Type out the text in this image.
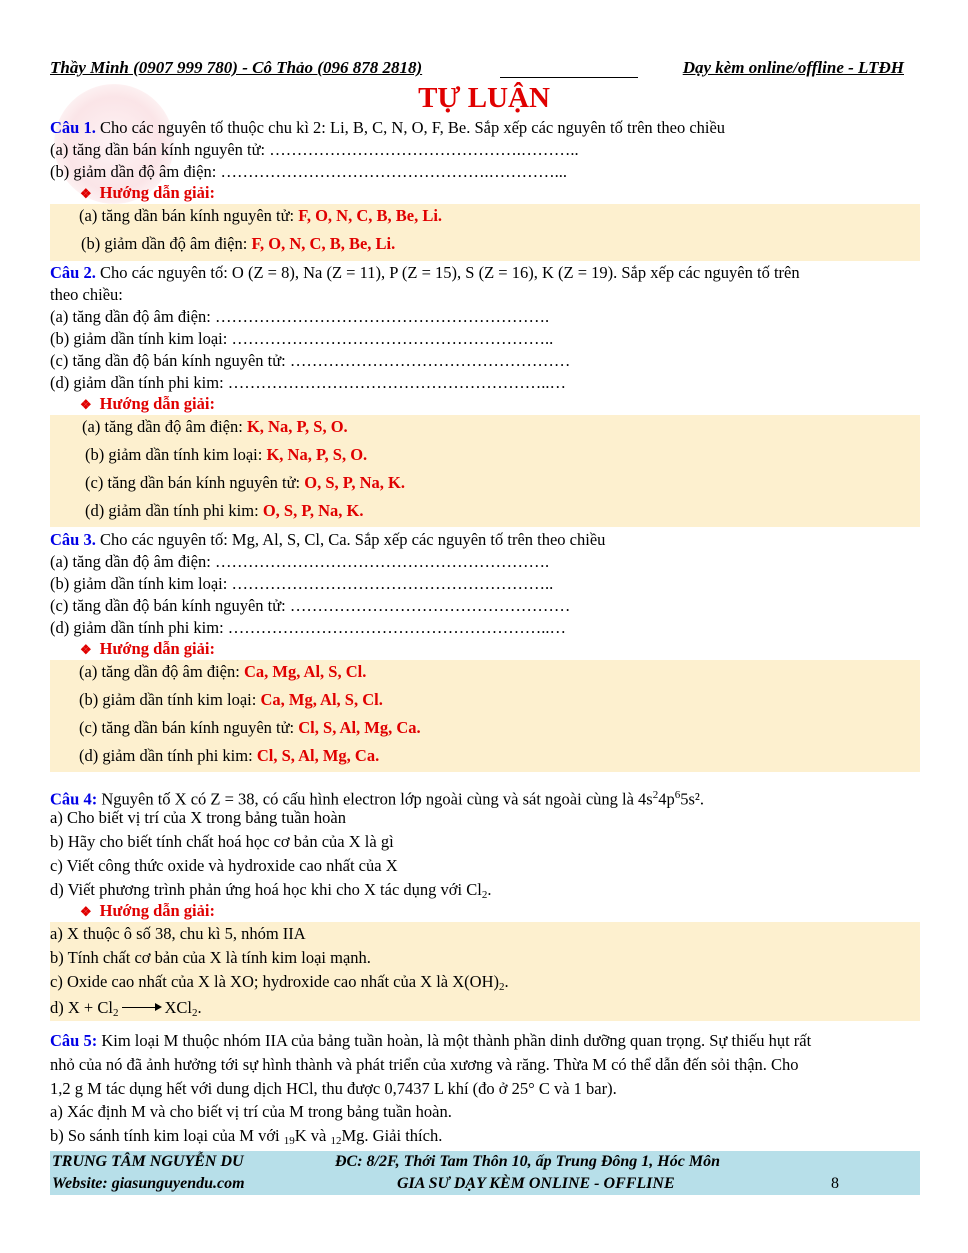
Thầy Minh (0907 999 780) - Cô Thảo (096 878 2818)	Dạy kèm online/offline - LTĐH
TỰ LUẬN
Câu 1. Cho các nguyên tố thuộc chu kì 2: Li, B, C, N, O, F, Be. Sắp xếp các nguyên tố trên theo chiều
(a) tăng dần bán kính nguyên tử: ……………………………………….………..
(b) giảm dần độ âm điện: ………………………………………….…………...
❖ Hướng dẫn giải:
(a) tăng dần bán kính nguyên tử: F, O, N, C, B, Be, Li.
(b) giảm dần độ âm điện: F, O, N, C, B, Be, Li.
Câu 2. Cho các nguyên tố: O (Z = 8), Na (Z = 11), P (Z = 15), S (Z = 16), K (Z = 19). Sắp xếp các nguyên tố trên
theo chiều:
(a) tăng dần độ âm điện: …………………………………………………….
(b) giảm dần tính kim loại: …………………………………………………..
(c) tăng dần độ bán kính nguyên tử: ……………………………………………
(d) giảm dần tính phi kim: …………………………………………………..…
❖ Hướng dẫn giải:
(a) tăng dần độ âm điện: K, Na, P, S, O.
(b) giảm dần tính kim loại: K, Na, P, S, O.
(c) tăng dần bán kính nguyên tử: O, S, P, Na, K.
(d) giảm dần tính phi kim: O, S, P, Na, K.
Câu 3. Cho các nguyên tố: Mg, Al, S, Cl, Ca. Sắp xếp các nguyên tố trên theo chiều
(a) tăng dần độ âm điện: …………………………………………………….
(b) giảm dần tính kim loại: …………………………………………………..
(c) tăng dần độ bán kính nguyên tử: ……………………………………………
(d) giảm dần tính phi kim: …………………………………………………..…
❖ Hướng dẫn giải:
(a) tăng dần độ âm điện: Ca, Mg, Al, S, Cl.
(b) giảm dần tính kim loại: Ca, Mg, Al, S, Cl.
(c) tăng dần bán kính nguyên tử: Cl, S, Al, Mg, Ca.
(d) giảm dần tính phi kim: Cl, S, Al, Mg, Ca.
Câu 4: Nguyên tố X có Z = 38, có cấu hình electron lớp ngoài cùng và sát ngoài cùng là $4s^24p^65s^2$.
a) Cho biết vị trí của X trong bảng tuần hoàn
b) Hãy cho biết tính chất hoá học cơ bản của X là gì
c) Viết công thức oxide và hydroxide cao nhất của X
d) Viết phương trình phản ứng hoá học khi cho X tác dụng với $Cl_2$.
❖ Hướng dẫn giải:
a) X thuộc ô số 38, chu kì 5, nhóm IIA
b) Tính chất cơ bản của X là tính kim loại mạnh.
c) Oxide cao nhất của X là XO; hydroxide cao nhất của X là $X(OH)_2$.
d) $X + Cl_2$	XCl$_2$.
Câu 5: Kim loại M thuộc nhóm IIA của bảng tuần hoàn, là một thành phần dinh dưỡng quan trọng. Sự thiếu hụt rất
nhỏ của nó đã ảnh hưởng tới sự hình thành và phát triển của xương và răng. Thừa M có thể dẫn đến sỏi thận. Cho
1,2 g M tác dụng hết với dung dịch HCl, thu được 0,7437 L khí (đo ở 25° C và 1 bar).
a) Xác định M và cho biết vị trí của M trong bảng tuần hoàn.
b) So sánh tính kim loại của M với $_{19}$K và $_{12}$Mg. Giải thích.
TRUNG TÂM NGUYỄN DU	ĐC: 8/2F, Thới Tam Thôn 10, ấp Trung Đông 1, Hóc Môn
Website: giasunguyendu.com	GIA SƯ DẠY KÈM ONLINE - OFFLINE	8
